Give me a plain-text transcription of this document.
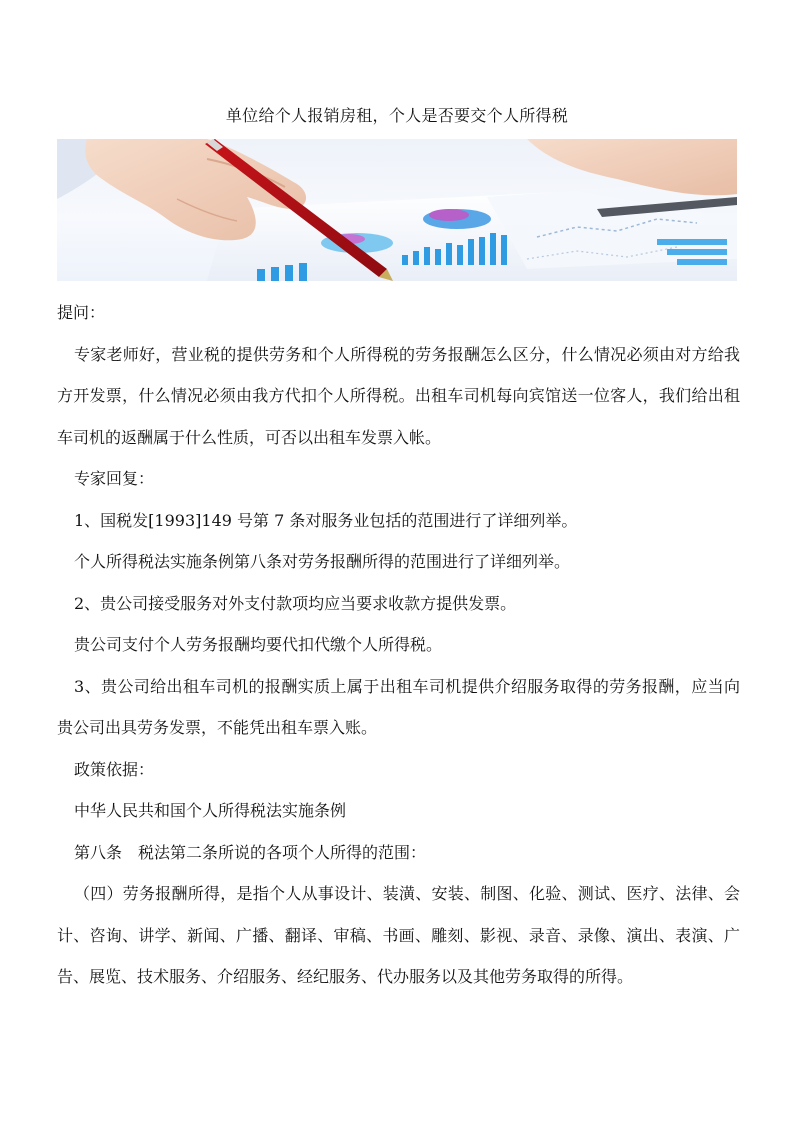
单位给个人报销房租，个人是否要交个人所得税

提问：

专家老师好，营业税的提供劳务和个人所得税的劳务报酬怎么区分，什么情况必须由对方给我方开发票，什么情况必须由我方代扣个人所得税。出租车司机每向宾馆送一位客人，我们给出租车司机的返酬属于什么性质，可否以出租车发票入帐。

专家回复：

1、国税发[1993]149 号第 7 条对服务业包括的范围进行了详细列举。

个人所得税法实施条例第八条对劳务报酬所得的范围进行了详细列举。

2、贵公司接受服务对外支付款项均应当要求收款方提供发票。

贵公司支付个人劳务报酬均要代扣代缴个人所得税。

3、贵公司给出租车司机的报酬实质上属于出租车司机提供介绍服务取得的劳务报酬，应当向贵公司出具劳务发票，不能凭出租车票入账。

政策依据：

中华人民共和国个人所得税法实施条例

第八条　税法第二条所说的各项个人所得的范围：

（四）劳务报酬所得，是指个人从事设计、装潢、安装、制图、化验、测试、医疗、法律、会计、咨询、讲学、新闻、广播、翻译、审稿、书画、雕刻、影视、录音、录像、演出、表演、广告、展览、技术服务、介绍服务、经纪服务、代办服务以及其他劳务取得的所得。
